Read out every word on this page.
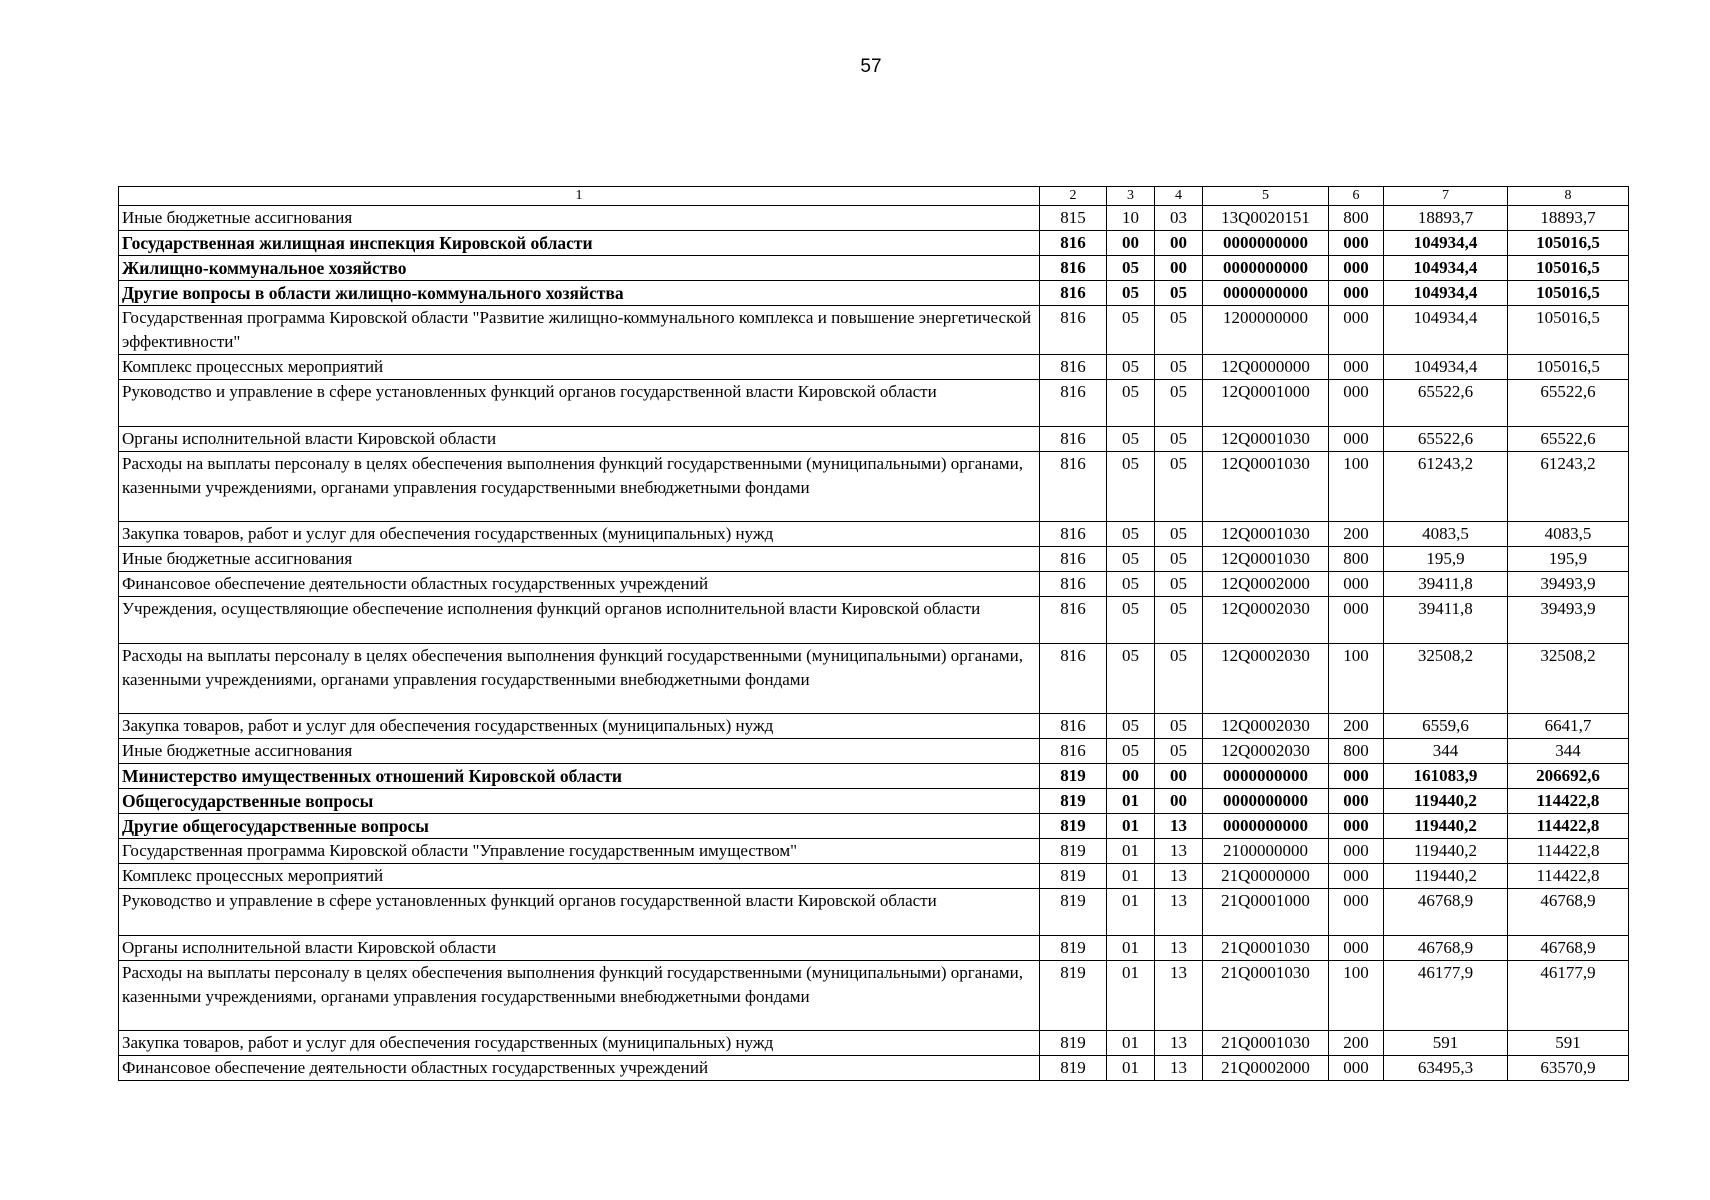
57
1	2	3	4	5	6	7	8
Иные бюджетные ассигнования	815	10	03	13Q0020151	800	18893,7	18893,7
Государственная жилищная инспекция Кировской области	816	00	00	0000000000	000	104934,4	105016,5
Жилищно-коммунальное хозяйство	816	05	00	0000000000	000	104934,4	105016,5
Другие вопросы в области жилищно-коммунального хозяйства	816	05	05	0000000000	000	104934,4	105016,5
Государственная программа Кировской области "Развитие жилищно-коммунального комплекса и повышение энергетической эффективности"	816	05	05	1200000000	000	104934,4	105016,5
Комплекс процессных мероприятий	816	05	05	12Q0000000	000	104934,4	105016,5
Руководство и управление в сфере установленных функций органов государственной власти Кировской области	816	05	05	12Q0001000	000	65522,6	65522,6
Органы исполнительной власти Кировской области	816	05	05	12Q0001030	000	65522,6	65522,6
Расходы на выплаты персоналу в целях обеспечения выполнения функций государственными (муниципальными) органами, казенными учреждениями, органами управления государственными внебюджетными фондами	816	05	05	12Q0001030	100	61243,2	61243,2
Закупка товаров, работ и услуг для обеспечения государственных (муниципальных) нужд	816	05	05	12Q0001030	200	4083,5	4083,5
Иные бюджетные ассигнования	816	05	05	12Q0001030	800	195,9	195,9
Финансовое обеспечение деятельности областных государственных учреждений	816	05	05	12Q0002000	000	39411,8	39493,9
Учреждения, осуществляющие обеспечение исполнения функций органов исполнительной власти Кировской области	816	05	05	12Q0002030	000	39411,8	39493,9
Расходы на выплаты персоналу в целях обеспечения выполнения функций государственными (муниципальными) органами, казенными учреждениями, органами управления государственными внебюджетными фондами	816	05	05	12Q0002030	100	32508,2	32508,2
Закупка товаров, работ и услуг для обеспечения государственных (муниципальных) нужд	816	05	05	12Q0002030	200	6559,6	6641,7
Иные бюджетные ассигнования	816	05	05	12Q0002030	800	344	344
Министерство имущественных отношений Кировской области	819	00	00	0000000000	000	161083,9	206692,6
Общегосударственные вопросы	819	01	00	0000000000	000	119440,2	114422,8
Другие общегосударственные вопросы	819	01	13	0000000000	000	119440,2	114422,8
Государственная программа Кировской области "Управление государственным имуществом"	819	01	13	2100000000	000	119440,2	114422,8
Комплекс процессных мероприятий	819	01	13	21Q0000000	000	119440,2	114422,8
Руководство и управление в сфере установленных функций органов государственной власти Кировской области	819	01	13	21Q0001000	000	46768,9	46768,9
Органы исполнительной власти Кировской области	819	01	13	21Q0001030	000	46768,9	46768,9
Расходы на выплаты персоналу в целях обеспечения выполнения функций государственными (муниципальными) органами, казенными учреждениями, органами управления государственными внебюджетными фондами	819	01	13	21Q0001030	100	46177,9	46177,9
Закупка товаров, работ и услуг для обеспечения государственных (муниципальных) нужд	819	01	13	21Q0001030	200	591	591
Финансовое обеспечение деятельности областных государственных учреждений	819	01	13	21Q0002000	000	63495,3	63570,9
